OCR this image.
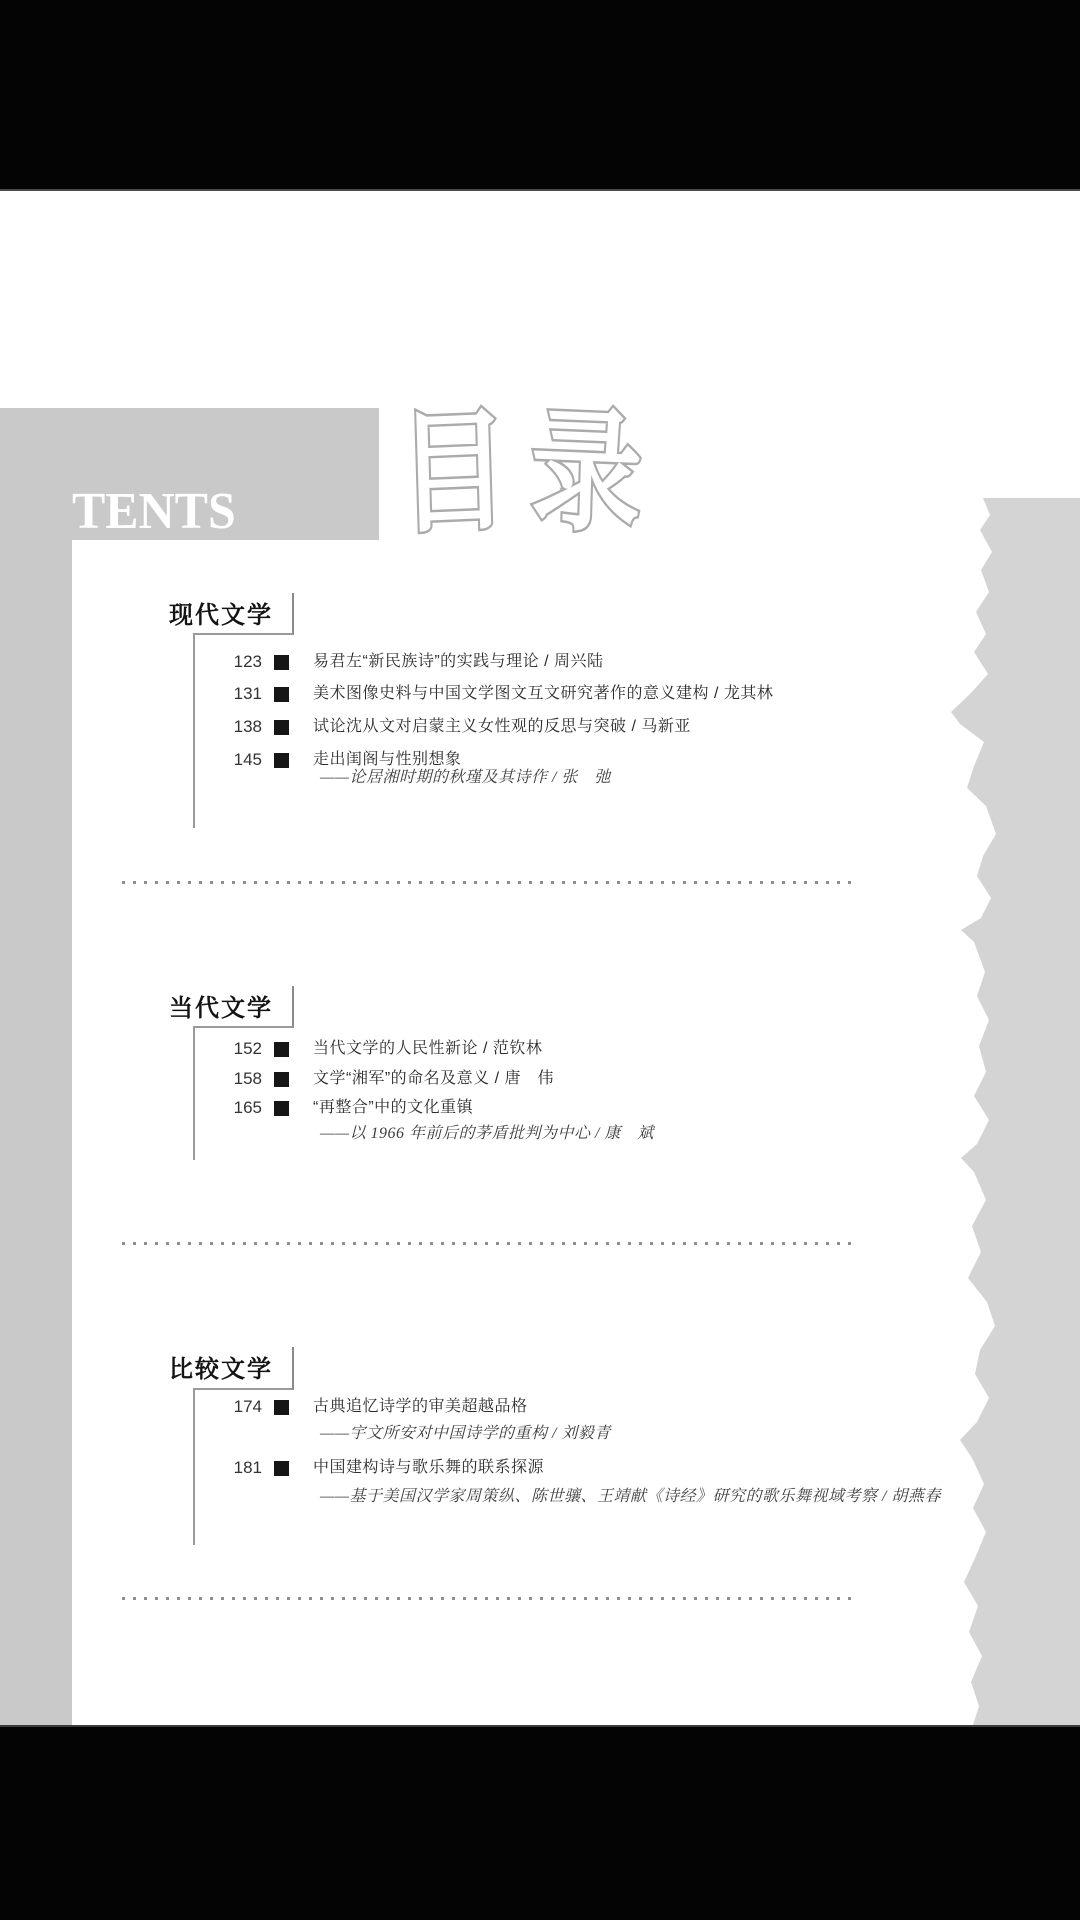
TENTS 目 录
现代文学
123	易君左“新民族诗”的实践与理论 / 周兴陆
131	美术图像史料与中国文学图文互文研究著作的意义建构 / 龙其林
138	试论沈从文对启蒙主义女性观的反思与突破 / 马新亚
145	走出闺阁与性别想象
——论居湘时期的秋瑾及其诗作 / 张　弛
当代文学
152	当代文学的人民性新论 / 范钦林
158	文学“湘军”的命名及意义 / 唐　伟
165	“再整合”中的文化重镇
——以 1966 年前后的茅盾批判为中心 / 康　斌
比较文学
174	古典追忆诗学的审美超越品格
——宇文所安对中国诗学的重构 / 刘毅青
181	中国建构诗与歌乐舞的联系探源
——基于美国汉学家周策纵、陈世骧、王靖献《诗经》研究的歌乐舞视域考察 / 胡燕春
